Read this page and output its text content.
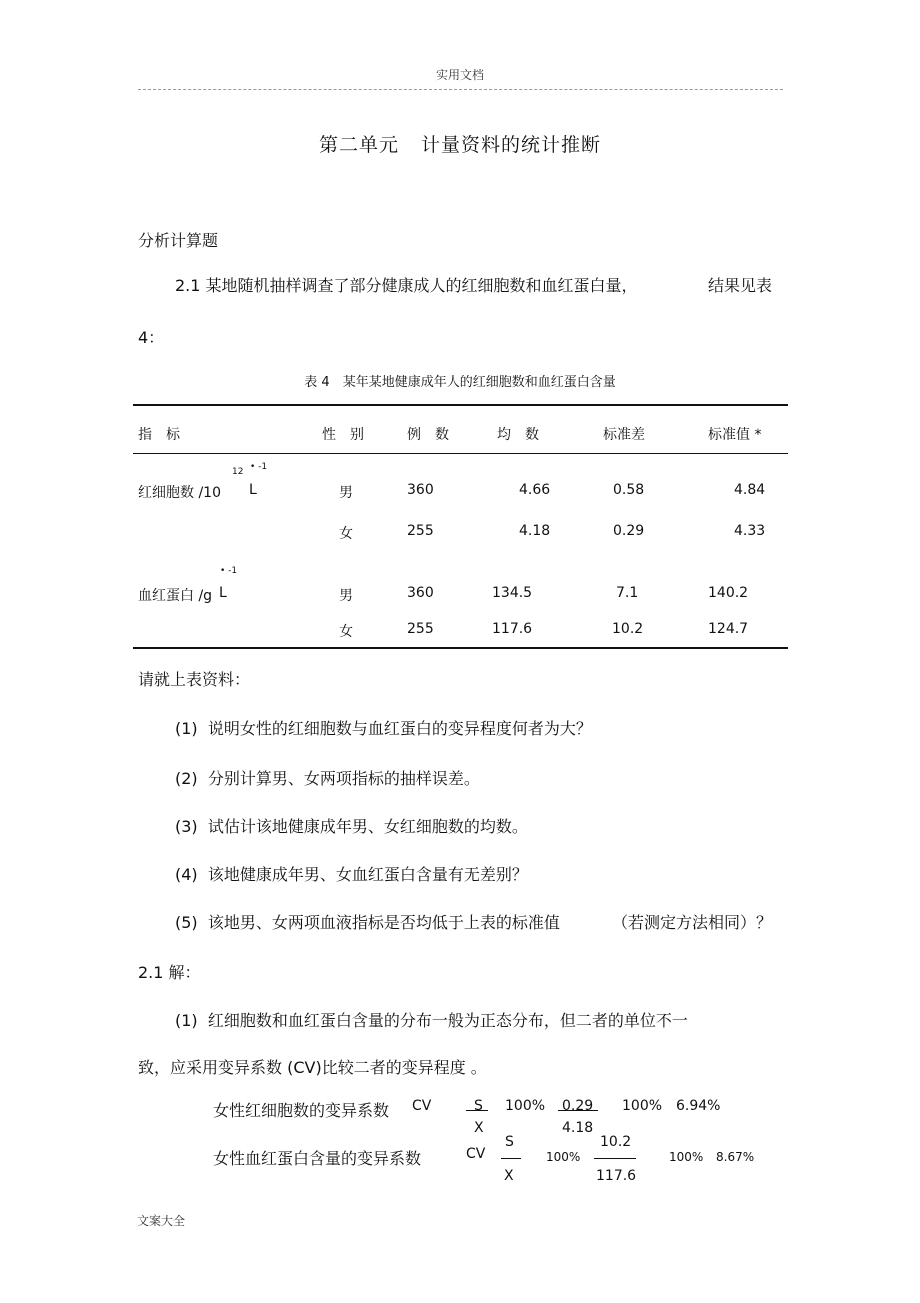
实用文档
第二单元 计量资料的统计推断
分析计算题
2.1 某地随机抽样调查了部分健康成人的红细胞数和血红蛋白量，	结果见表
4：
表 4　某年某地健康成年人的红细胞数和血红蛋白含量
指　标	性　别	例　数	均　数	标准差	标准值 *
红细胞数 /10
12 • -1
L	男	360	4.66	0.58	4.84
女	255	4.18	0.29	4.33
血红蛋白 /g
• -1
L	男	360	134.5	7.1	140.2
女	255	117.6	10.2	124.7
请就上表资料：
(1) 说明女性的红细胞数与血红蛋白的变异程度何者为大？
(2) 分别计算男、女两项指标的抽样误差。
(3) 试估计该地健康成年男、女红细胞数的均数。
(4) 该地健康成年男、女血红蛋白含量有无差别？
(5) 该地男、女两项血液指标是否均低于上表的标准值	（若测定方法相同）？
2.1 解：
(1) 红细胞数和血红蛋白含量的分布一般为正态分布，但二者的单位不一
致，应采用变异系数 (CV)比较二者的变异程度 。
女性红细胞数的变异系数 CV	S
X
100% 0.29
4.18
100% 6.94%
女性血红蛋白含量的变异系数	CV
S
X
100%
10.2
117.6
100% 8.67%
文案大全
